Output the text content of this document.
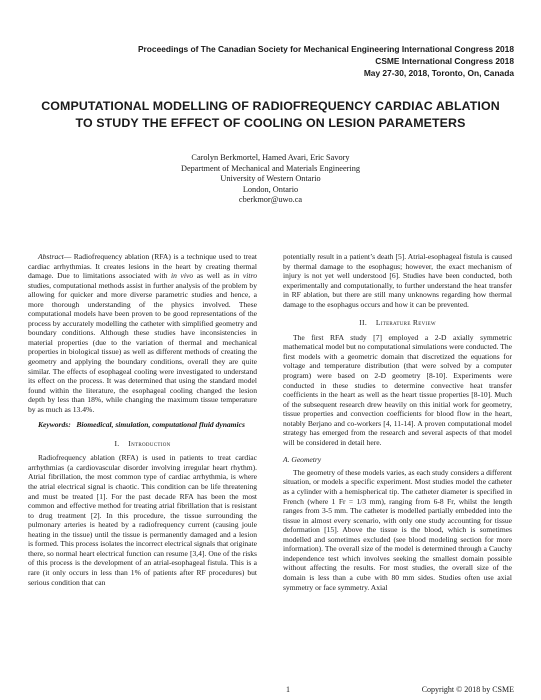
Proceedings of The Canadian Society for Mechanical Engineering International Congress 2018
CSME International Congress 2018
May 27-30, 2018, Toronto, On, Canada
COMPUTATIONAL MODELLING OF RADIOFREQUENCY CARDIAC ABLATION
TO STUDY THE EFFECT OF COOLING ON LESION PARAMETERS
Carolyn Berkmortel, Hamed Avari, Eric Savory
Department of Mechanical and Materials Engineering
University of Western Ontario
London, Ontario
cberkmor@uwo.ca

Abstract— Radiofrequency ablation (RFA) is a technique used to treat cardiac arrhythmias. It creates lesions in the heart by creating thermal damage. Due to limitations associated with in vivo as well as in vitro studies, computational methods assist in further analysis of the problem by allowing for quicker and more diverse parametric studies and hence, a more thorough understanding of the physics involved. These computational models have been proven to be good representations of the process by accurately modelling the catheter with simplified geometry and boundary conditions. Although these studies have inconsistencies in material properties (due to the variation of thermal and mechanical properties in biological tissue) as well as different methods of creating the geometry and applying the boundary conditions, overall they are quite similar. The effects of esophageal cooling were investigated to understand its effect on the process. It was determined that using the standard model found within the literature, the esophageal cooling changed the lesion depth by less than 18%, while changing the maximum tissue temperature by as much as 13.4%.

Keywords: Biomedical, simulation, computational fluid dynamics

I. Introduction

Radiofrequency ablation (RFA) is used in patients to treat cardiac arrhythmias (a cardiovascular disorder involving irregular heart rhythm). Atrial fibrillation, the most common type of cardiac arrhythmia, is where the atrial electrical signal is chaotic. This condition can be life threatening and must be treated [1]. For the past decade RFA has been the most common and effective method for treating atrial fibrillation that is resistant to drug treatment [2]. In this procedure, the tissue surrounding the pulmonary arteries is heated by a radiofrequency current (causing joule heating in the tissue) until the tissue is permanently damaged and a lesion is formed. This process isolates the incorrect electrical signals that originate there, so normal heart electrical function can resume [3,4]. One of the risks of this process is the development of an atrial-esophageal fistula. This is a rare (it only occurs in less than 1% of patients after RF procedures) but serious condition that can

potentially result in a patient’s death [5]. Atrial-esophageal fistula is caused by thermal damage to the esophagus; however, the exact mechanism of injury is not yet well understood [6]. Studies have been conducted, both experimentally and computationally, to further understand the heat transfer in RF ablation, but there are still many unknowns regarding how thermal damage to the esophagus occurs and how it can be prevented.

II. Literature Review

The first RFA study [7] employed a 2-D axially symmetric mathematical model but no computational simulations were conducted. The first models with a geometric domain that discretized the equations for voltage and temperature distribution (that were solved by a computer program) were based on 2-D geometry [8-10]. Experiments were conducted in these studies to determine convective heat transfer coefficients in the heart as well as the heart tissue properties [8-10]. Much of the subsequent research drew heavily on this initial work for geometry, tissue properties and convection coefficients for blood flow in the heart, notably Berjano and co-workers [4, 11-14]. A proven computational model strategy has emerged from the research and several aspects of that model will be considered in detail here.

A. Geometry

The geometry of these models varies, as each study considers a different situation, or models a specific experiment. Most studies model the catheter as a cylinder with a hemispherical tip. The catheter diameter is specified in French (where 1 Fr = 1/3 mm), ranging from 6-8 Fr, whilst the length ranges from 3-5 mm. The catheter is modelled partially embedded into the tissue in almost every scenario, with only one study accounting for tissue deformation [15]. Above the tissue is the blood, which is sometimes modelled and sometimes excluded (see blood modeling section for more information). The overall size of the model is determined through a Cauchy independence test which involves seeking the smallest domain possible without affecting the results. For most studies, the overall size of the domain is less than a cube with 80 mm sides. Studies often use axial symmetry or face symmetry. Axial

1	Copyright © 2018 by CSME
